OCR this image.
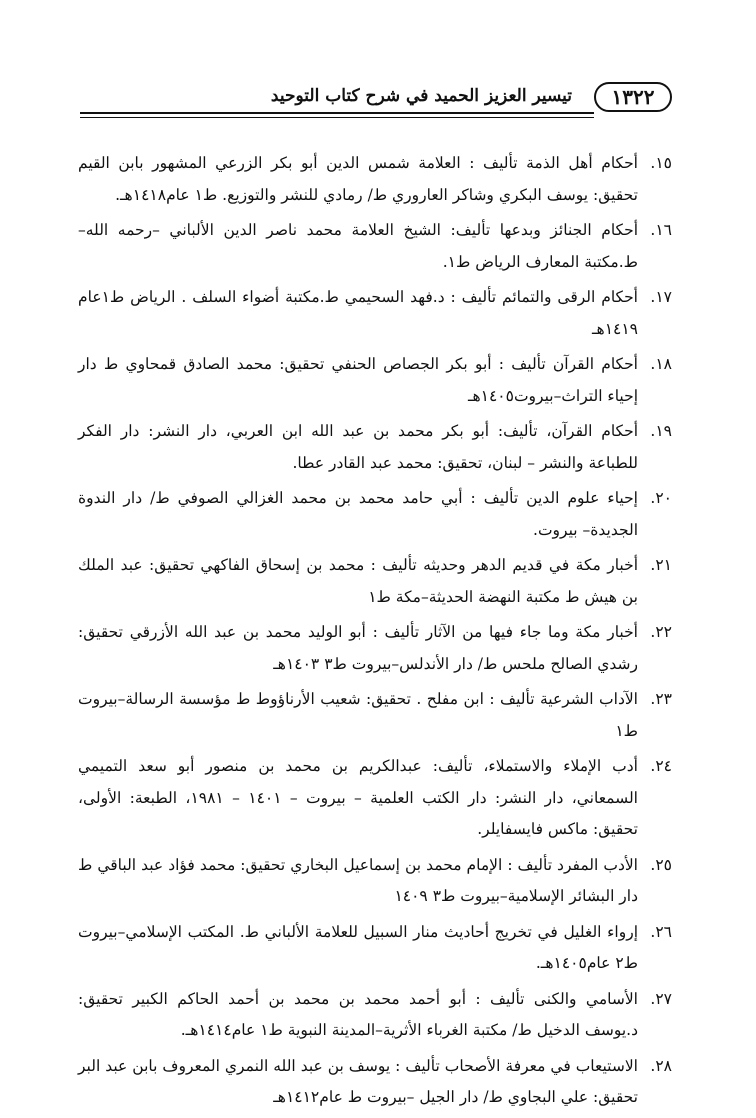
١٣٢٢
تيسير العزيز الحميد في شرح كتاب التوحيد
١٥.
أحكام أهل الذمة تأليف : العلامة شمس الدين أبو بكر الزرعي المشهور بابن القيم تحقيق: يوسف البكري وشاكر العاروري ط/ رمادي للنشر والتوزيع. ط١ عام١٤١٨هـ.
١٦.
أحكام الجنائز وبدعها تأليف: الشيخ العلامة محمد ناصر الدين الألباني –رحمه الله– ط.مكتبة المعارف الرياض ط١.
١٧.
أحكام الرقى والتمائم تأليف : د.فهد السحيمي ط.مكتبة أضواء السلف . الرياض ط١عام ١٤١٩هـ
١٨.
أحكام القرآن تأليف : أبو بكر الجصاص الحنفي تحقيق: محمد الصادق قمحاوي ط دار إحياء التراث–بيروت١٤٠٥هـ
١٩.
أحكام القرآن، تأليف: أبو بكر محمد بن عبد الله ابن العربي، دار النشر: دار الفكر للطباعة والنشر – لبنان، تحقيق: محمد عبد القادر عطا.
٢٠.
إحياء علوم الدين تأليف : أبي حامد محمد بن محمد الغزالي الصوفي ط/ دار الندوة الجديدة– بيروت.
٢١.
أخبار مكة في قديم الدهر وحديثه تأليف : محمد بن إسحاق الفاكهي تحقيق: عبد الملك بن هيش ط مكتبة النهضة الحديثة–مكة ط١
٢٢.
أخبار مكة وما جاء فيها من الآثار تأليف : أبو الوليد محمد بن عبد الله الأزرقي تحقيق: رشدي الصالح ملحس ط/ دار الأندلس–بيروت ط٣ ١٤٠٣هـ
٢٣.
الآداب الشرعية تأليف : ابن مفلح . تحقيق: شعيب الأرناؤوط ط مؤسسة الرسالة–بيروت ط١
٢٤.
أدب الإملاء والاستملاء، تأليف: عبدالكريم بن محمد بن منصور أبو سعد التميمي السمعاني، دار النشر: دار الكتب العلمية – بيروت – ١٤٠١ – ١٩٨١، الطبعة: الأولى، تحقيق: ماكس فايسفايلر.
٢٥.
الأدب المفرد تأليف : الإمام محمد بن إسماعيل البخاري تحقيق: محمد فؤاد عبد الباقي ط دار البشائر الإسلامية–بيروت ط٣ ١٤٠٩
٢٦.
إرواء الغليل في تخريج أحاديث منار السبيل للعلامة الألباني ط. المكتب الإسلامي–بيروت ط٢ عام١٤٠٥هـ.
٢٧.
الأسامي والكنى تأليف : أبو أحمد محمد بن محمد بن أحمد الحاكم الكبير تحقيق: د.يوسف الدخيل ط/ مكتبة الغرباء الأثرية–المدينة النبوية ط١ عام١٤١٤هـ.
٢٨.
الاستيعاب في معرفة الأصحاب تأليف : يوسف بن عبد الله النمري المعروف بابن عبد البر تحقيق: علي البجاوي ط/ دار الجيل –بيروت ط عام١٤١٢هـ
